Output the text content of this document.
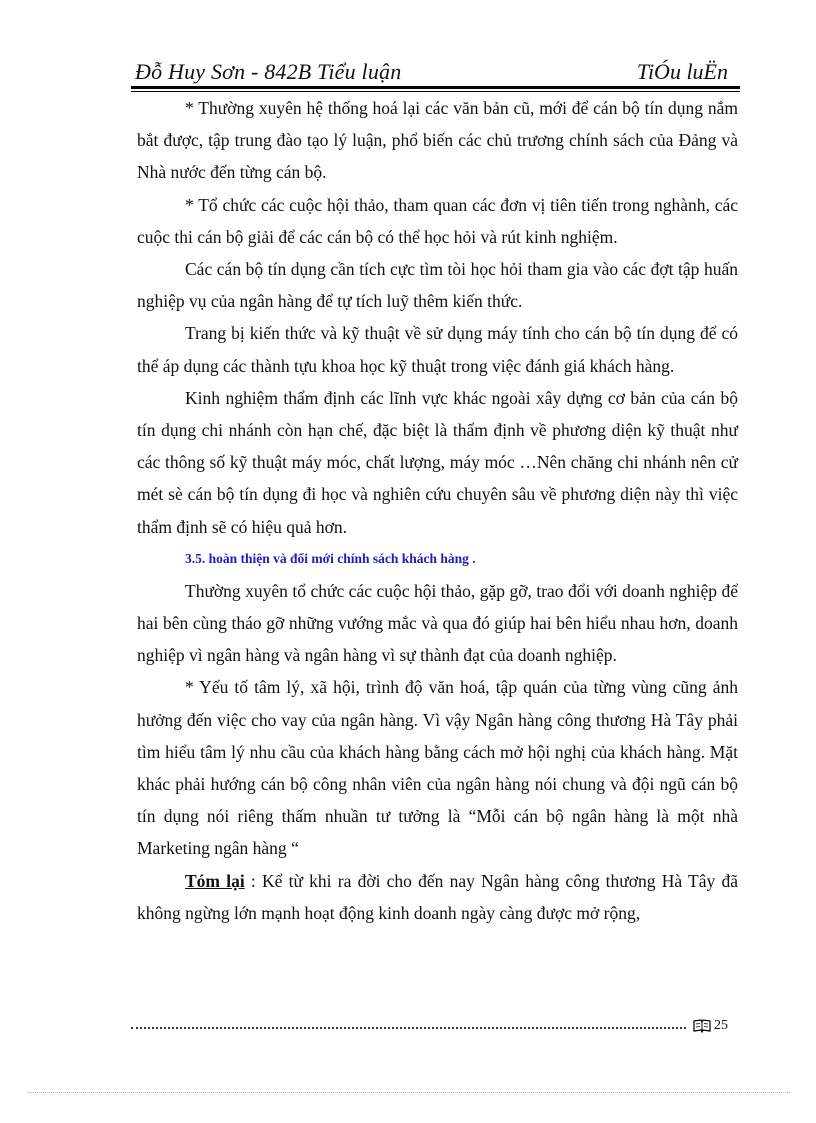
Đỗ Huy Sơn - 842B Tiểu luận	TiÓu luËn

* Thường xuyên hệ thống hoá lại các văn bản cũ, mới để cán bộ tín dụng nắm bắt được, tập trung đào tạo lý luận, phổ biến các chủ trương chính sách của Đảng và Nhà nước đến từng cán bộ.

* Tổ chức các cuộc hội thảo, tham quan các đơn vị tiên tiến trong nghành, các cuộc thi cán bộ giải để các cán bộ có thể học hỏi và rút kinh nghiệm.

Các cán bộ tín dụng cần tích cực tìm tòi học hỏi tham gia vào các đợt tập huấn nghiệp vụ của ngân hàng để tự tích luỹ thêm kiến thức.

Trang bị kiến thức và kỹ thuật về sử dụng máy tính cho cán bộ tín dụng để có thể áp dụng các thành tựu khoa học kỹ thuật trong việc đánh giá khách hàng.

Kinh nghiệm thẩm định các lĩnh vực khác ngoài xây dựng cơ bản của cán bộ tín dụng chi nhánh còn hạn chế, đặc biệt là thẩm định về phương diện kỹ thuật như các thông số kỹ thuật máy móc, chất lượng, máy móc …Nên chăng chi nhánh nên cử mét sè cán bộ tín dụng đi học và nghiên cứu chuyên sâu về phương diện này thì việc thẩm định sẽ có hiệu quả hơn.

3.5. hoàn thiện và đổi mới chính sách khách hàng .

Thường xuyên tổ chức các cuộc hội thảo, gặp gỡ, trao đổi với doanh nghiệp để hai bên cùng tháo gỡ những vướng mắc và qua đó giúp hai bên hiểu nhau hơn, doanh nghiệp vì ngân hàng và ngân hàng vì sự thành đạt của doanh nghiệp.

* Yếu tố tâm lý, xã hội, trình độ văn hoá, tập quán của từng vùng cũng ảnh hưởng đến việc cho vay của ngân hàng. Vì vậy Ngân hàng công thương Hà Tây phải tìm hiểu tâm lý nhu cầu của khách hàng bằng cách mở hội nghị của khách hàng. Mặt khác phải hướng cán bộ công nhân viên của ngân hàng nói chung và đội ngũ cán bộ tín dụng nói riêng thấm nhuần tư tưởng là “Mỗi cán bộ ngân hàng là một nhà Marketing ngân hàng “

Tóm lại : Kể từ khi ra đời cho đến nay Ngân hàng công thương Hà Tây đã không ngừng lớn mạnh hoạt động kinh doanh ngày càng được mở rộng,

25
